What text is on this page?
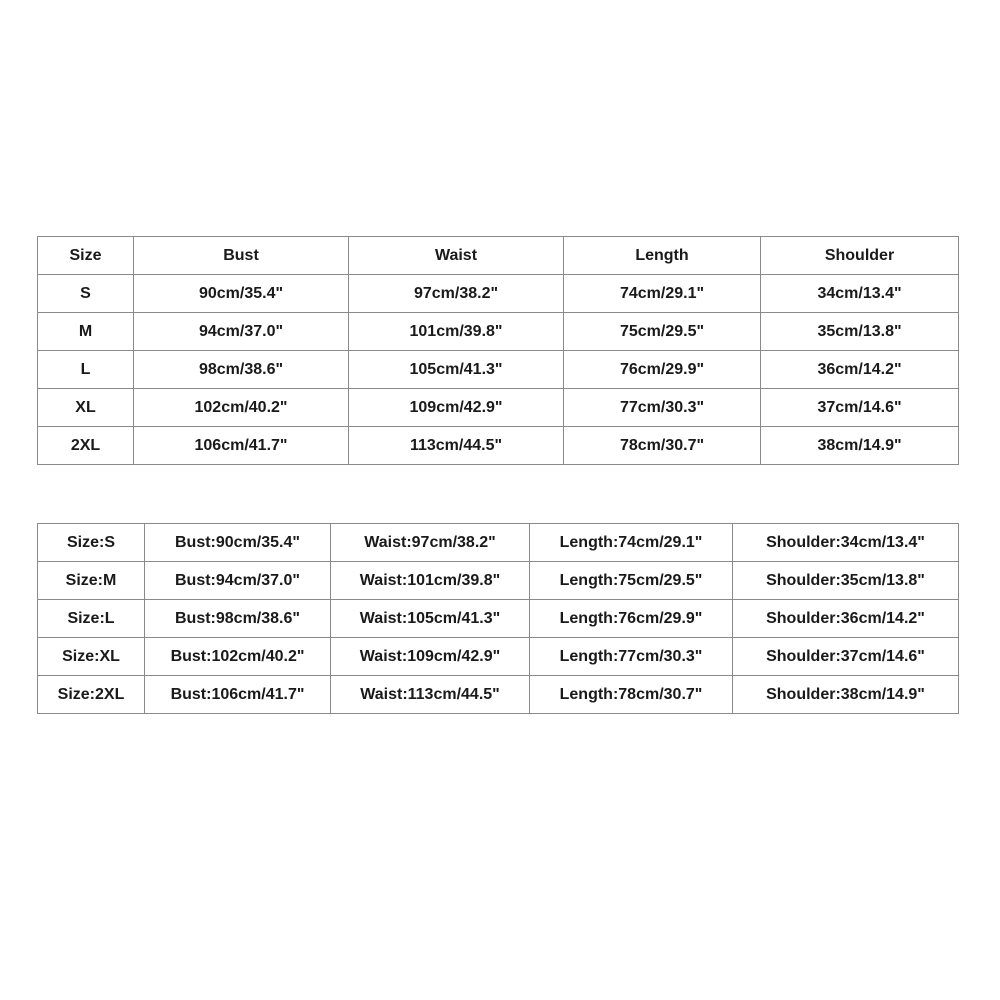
Size	Bust	Waist	Length	Shoulder
S	90cm/35.4"	97cm/38.2"	74cm/29.1"	34cm/13.4"
M	94cm/37.0"	101cm/39.8"	75cm/29.5"	35cm/13.8"
L	98cm/38.6"	105cm/41.3"	76cm/29.9"	36cm/14.2"
XL	102cm/40.2"	109cm/42.9"	77cm/30.3"	37cm/14.6"
2XL	106cm/41.7"	113cm/44.5"	78cm/30.7"	38cm/14.9"
Size:S	Bust:90cm/35.4"	Waist:97cm/38.2"	Length:74cm/29.1"	Shoulder:34cm/13.4"
Size:M	Bust:94cm/37.0"	Waist:101cm/39.8"	Length:75cm/29.5"	Shoulder:35cm/13.8"
Size:L	Bust:98cm/38.6"	Waist:105cm/41.3"	Length:76cm/29.9"	Shoulder:36cm/14.2"
Size:XL	Bust:102cm/40.2"	Waist:109cm/42.9"	Length:77cm/30.3"	Shoulder:37cm/14.6"
Size:2XL	Bust:106cm/41.7"	Waist:113cm/44.5"	Length:78cm/30.7"	Shoulder:38cm/14.9"
